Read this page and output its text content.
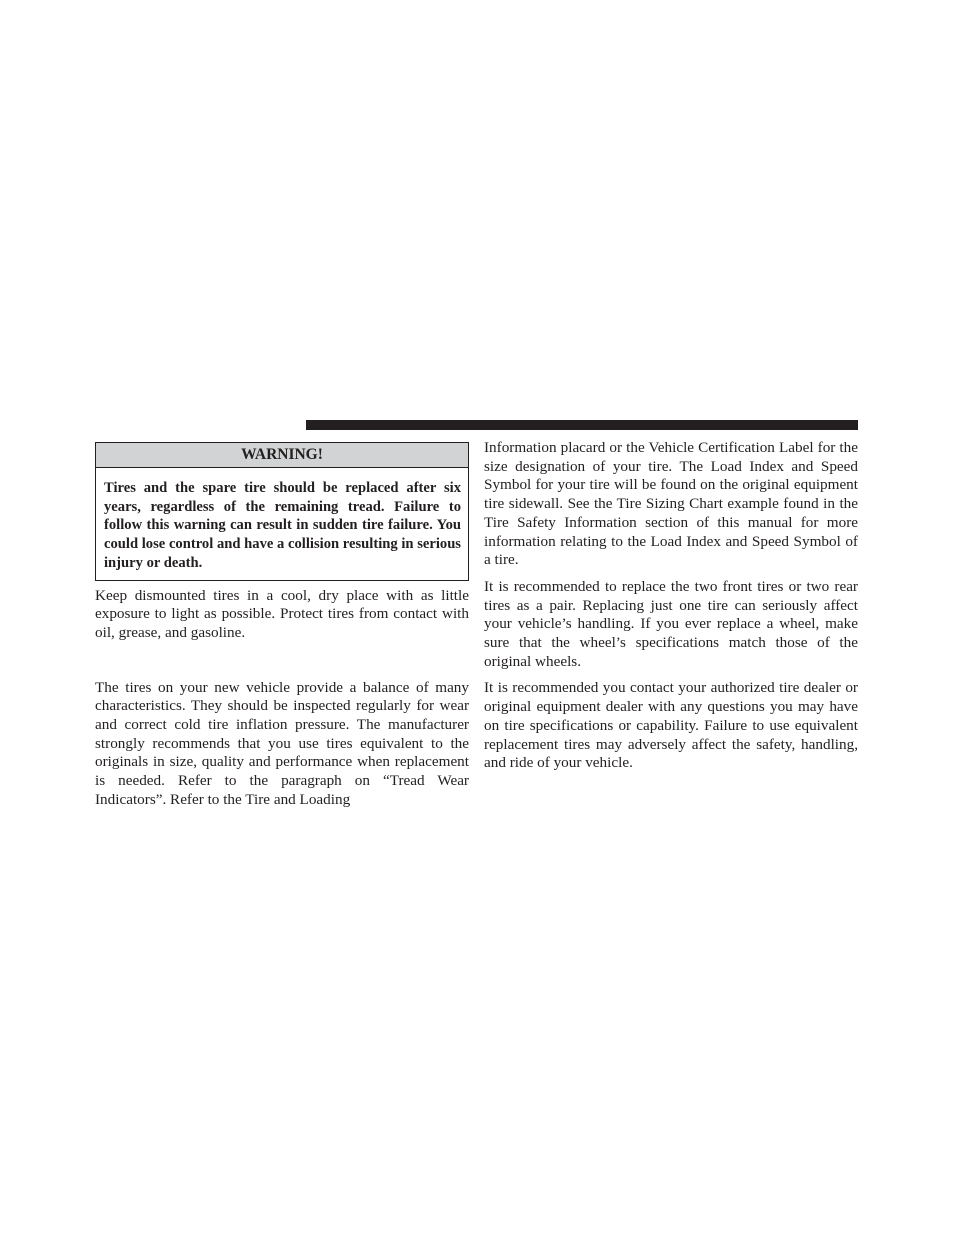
WARNING!
Tires and the spare tire should be replaced after six years, regardless of the remaining tread. Failure to follow this warning can result in sudden tire failure. You could lose control and have a collision resulting in serious injury or death.

Keep dismounted tires in a cool, dry place with as little exposure to light as possible. Protect tires from contact with oil, grease, and gasoline.

The tires on your new vehicle provide a balance of many characteristics. They should be inspected regularly for wear and correct cold tire inflation pressure. The manufacturer strongly recommends that you use tires equivalent to the originals in size, quality and performance when replacement is needed. Refer to the paragraph on “Tread Wear Indicators”. Refer to the Tire and Loading

Information placard or the Vehicle Certification Label for the size designation of your tire. The Load Index and Speed Symbol for your tire will be found on the original equipment tire sidewall. See the Tire Sizing Chart example found in the Tire Safety Information section of this manual for more information relating to the Load Index and Speed Symbol of a tire.

It is recommended to replace the two front tires or two rear tires as a pair. Replacing just one tire can seriously affect your vehicle’s handling. If you ever replace a wheel, make sure that the wheel’s specifications match those of the original wheels.

It is recommended you contact your authorized tire dealer or original equipment dealer with any questions you may have on tire specifications or capability. Failure to use equivalent replacement tires may adversely affect the safety, handling, and ride of your vehicle.
